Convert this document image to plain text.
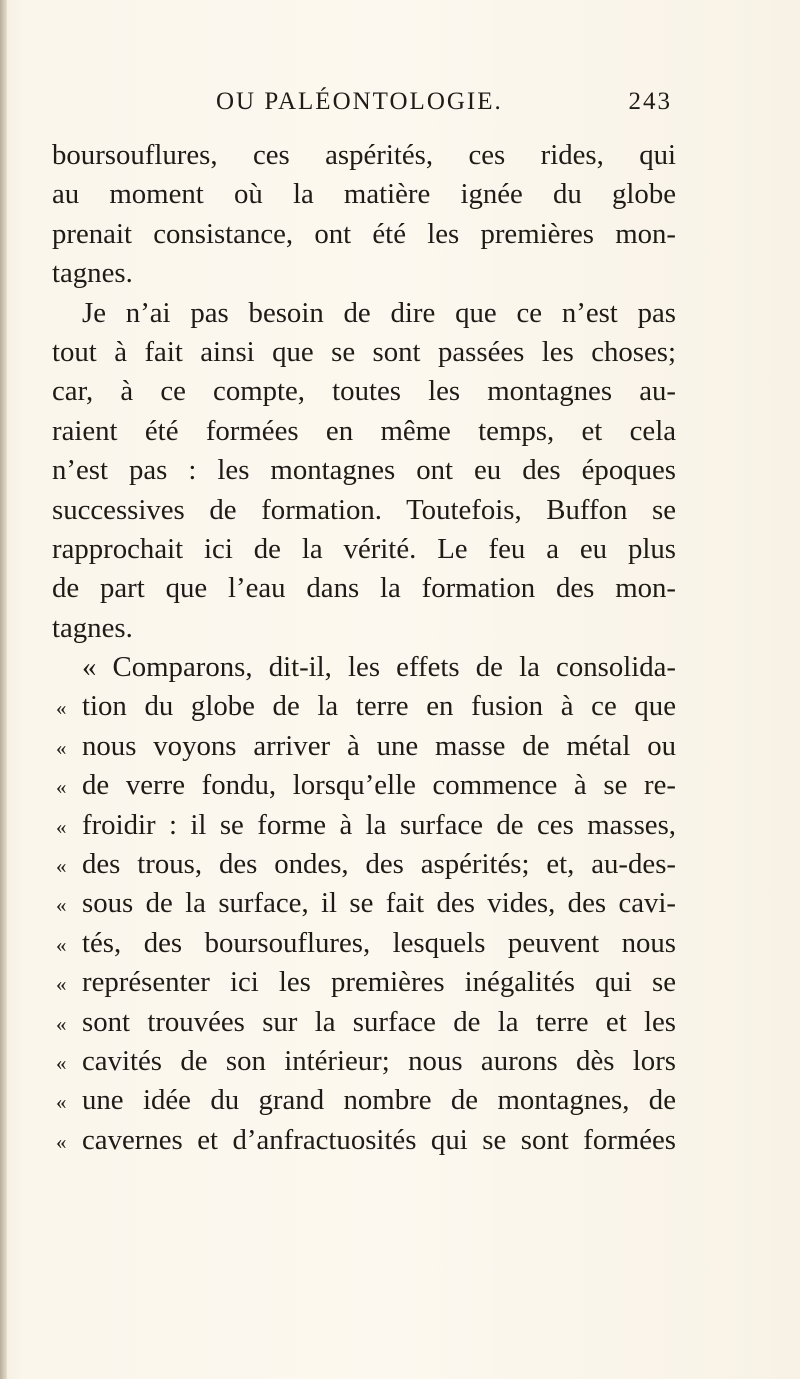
OU PALÉONTOLOGIE.	243
boursouflures, ces aspérités, ces rides, qui
au moment où la matière ignée du globe
prenait consistance, ont été les premières mon-
tagnes.
Je n’ai pas besoin de dire que ce n’est pas
tout à fait ainsi que se sont passées les choses;
car, à ce compte, toutes les montagnes au-
raient été formées en même temps, et cela
n’est pas : les montagnes ont eu des époques
successives de formation. Toutefois, Buffon se
rapprochait ici de la vérité. Le feu a eu plus
de part que l’eau dans la formation des mon-
tagnes.
« Comparons, dit-il, les effets de la consolida-
« tion du globe de la terre en fusion à ce que
« nous voyons arriver à une masse de métal ou
« de verre fondu, lorsqu’elle commence à se re-
« froidir : il se forme à la surface de ces masses,
« des trous, des ondes, des aspérités; et, au-des-
« sous de la surface, il se fait des vides, des cavi-
« tés, des boursouflures, lesquels peuvent nous
« représenter ici les premières inégalités qui se
« sont trouvées sur la surface de la terre et les
« cavités de son intérieur; nous aurons dès lors
« une idée du grand nombre de montagnes, de
« cavernes et d’anfractuosités qui se sont formées
